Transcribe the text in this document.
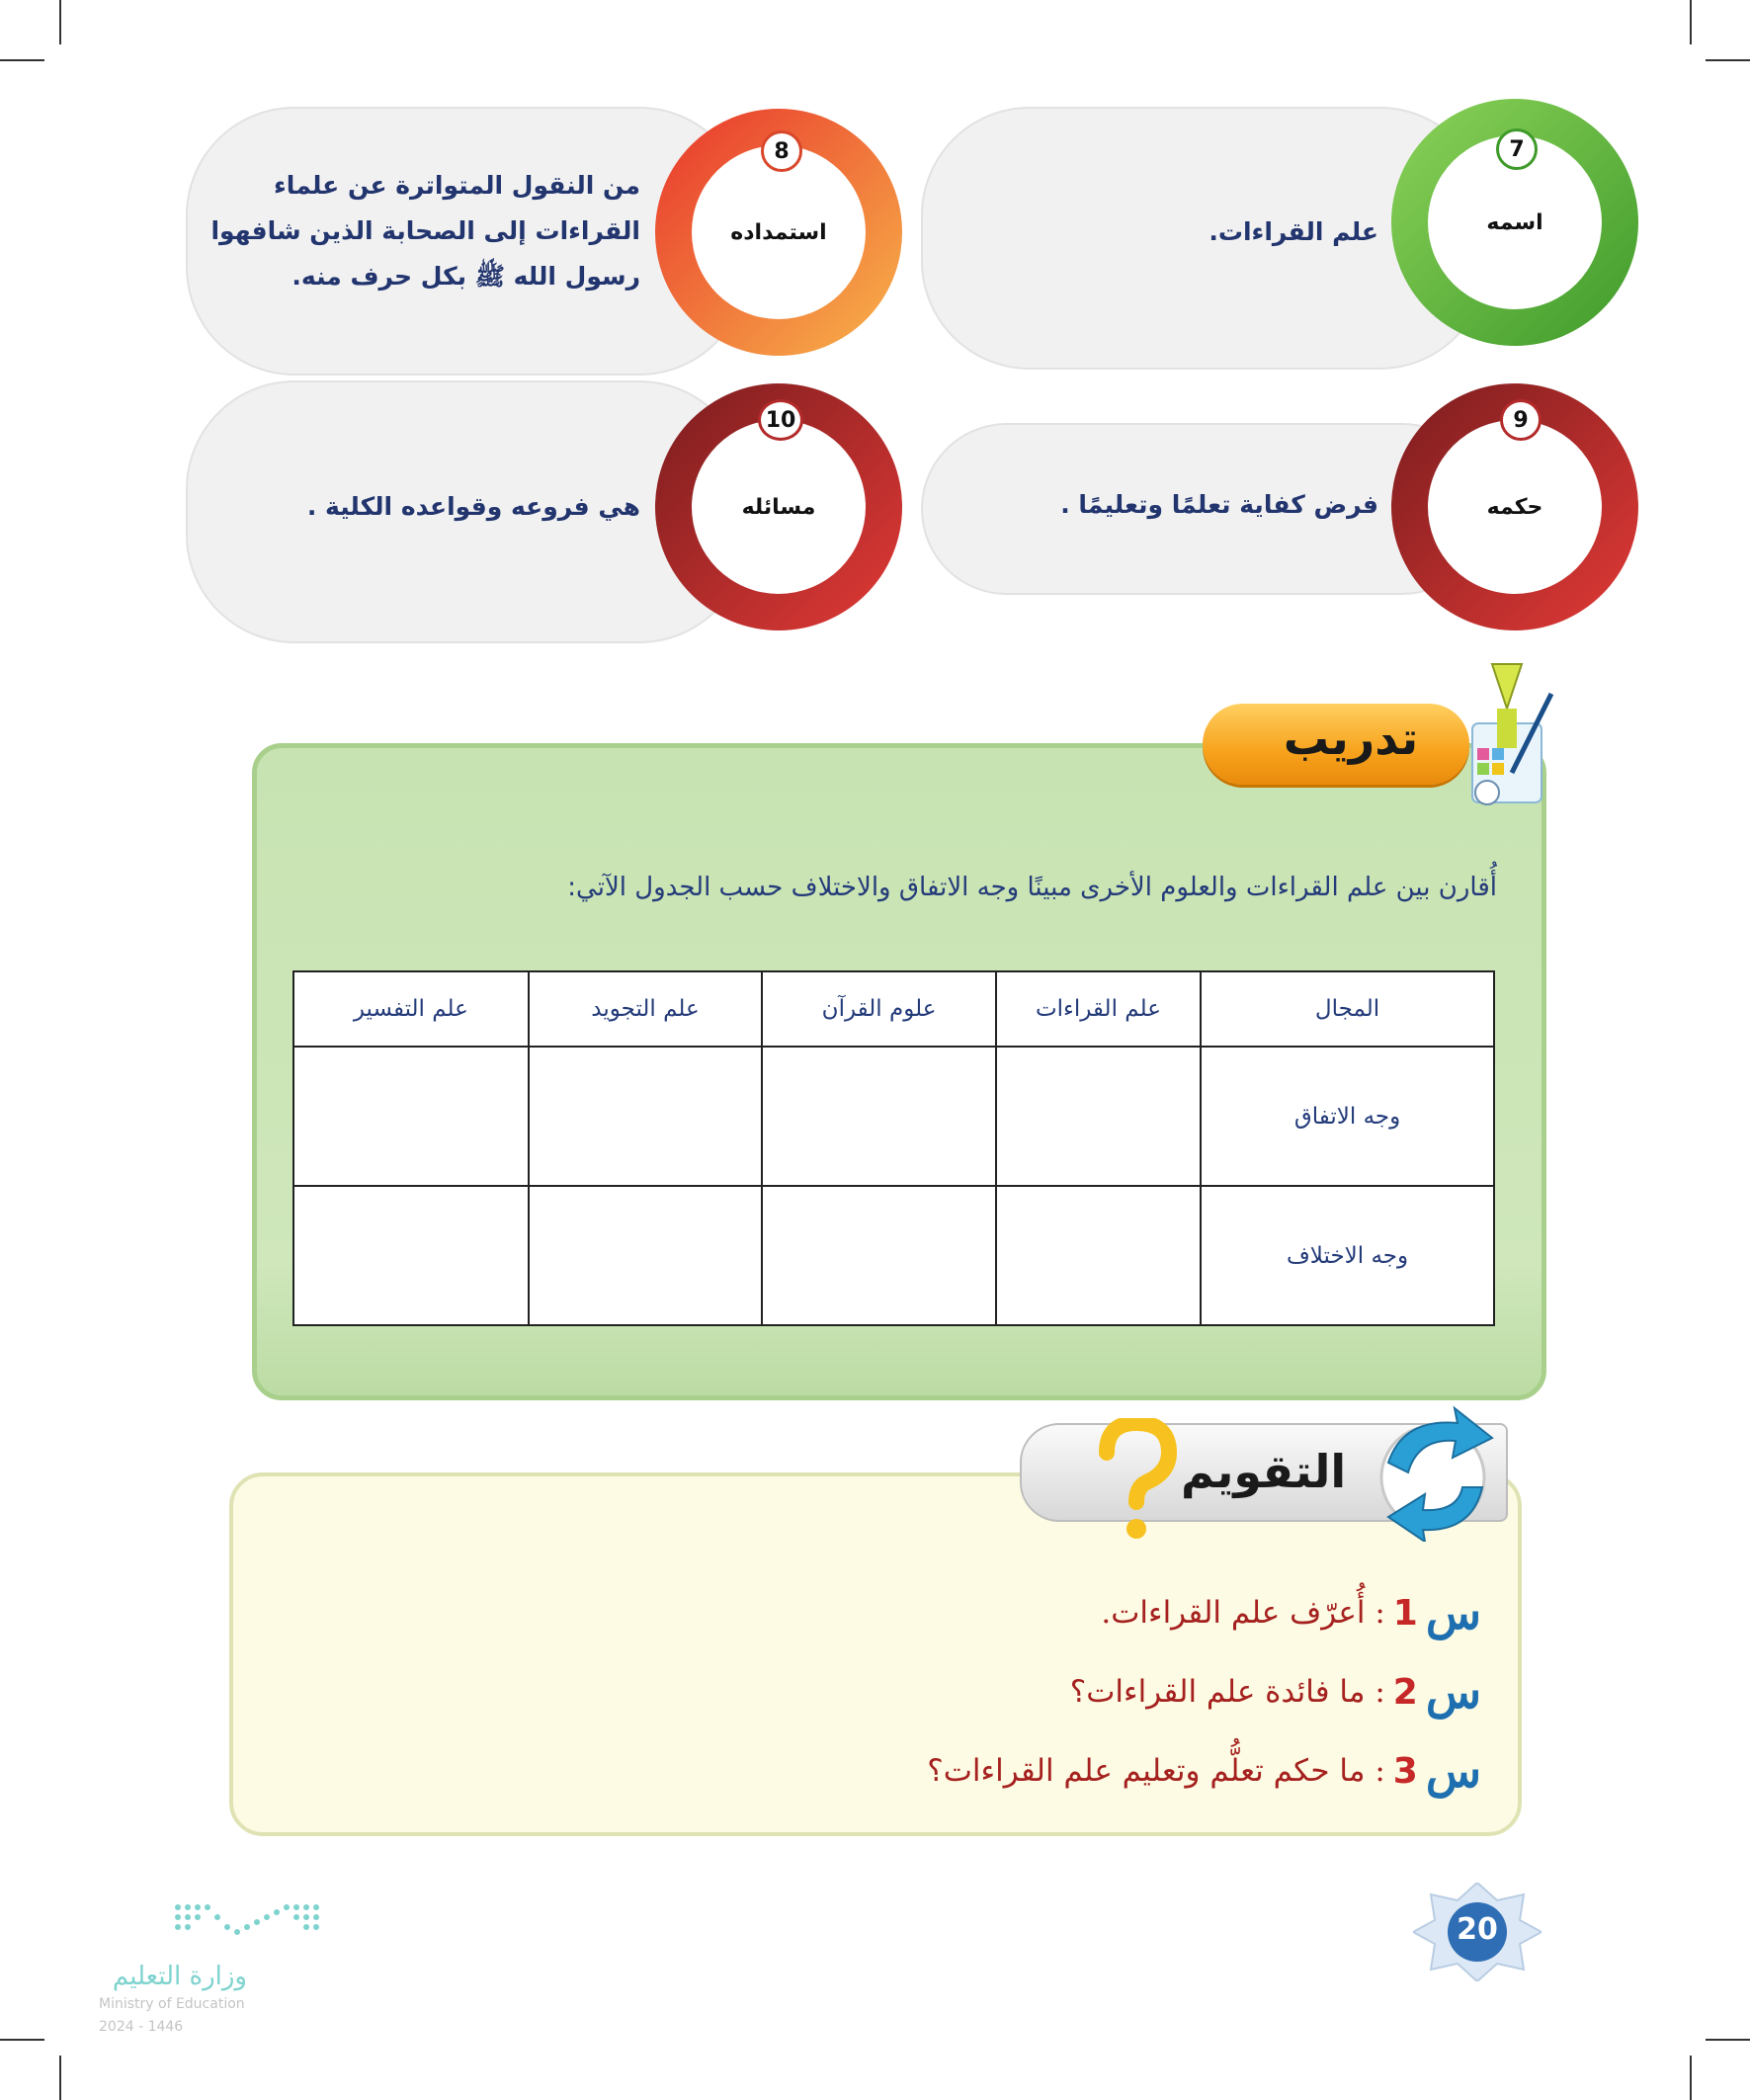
علم القراءات.	اسمه
7
من النقول المتواترة عن علماء القراءات إلى الصحابة الذين شافهوا رسول الله ﷺ بكل حرف منه.
استمداده
8
فرض كفاية تعلمًا وتعليمًا .	حكمه
9
هي فروعه وقواعده الكلية .	مسائله
10
تدريب
أُقارن بين علم القراءات والعلوم الأخرى مبينًا وجه الاتفاق والاختلاف حسب الجدول الآتي:
المجال	علم القراءات	علوم القرآن	علم التجويد	علم التفسير
وجه الاتفاق				
وجه الاختلاف				
التقويم
س
1
: أُعرّف علم القراءات.
س
2
: ما فائدة علم القراءات؟
س
3
: ما حكم تعلُّم وتعليم علم القراءات؟
20
وزارة التعليم
Ministry of Education
2024 - 1446
